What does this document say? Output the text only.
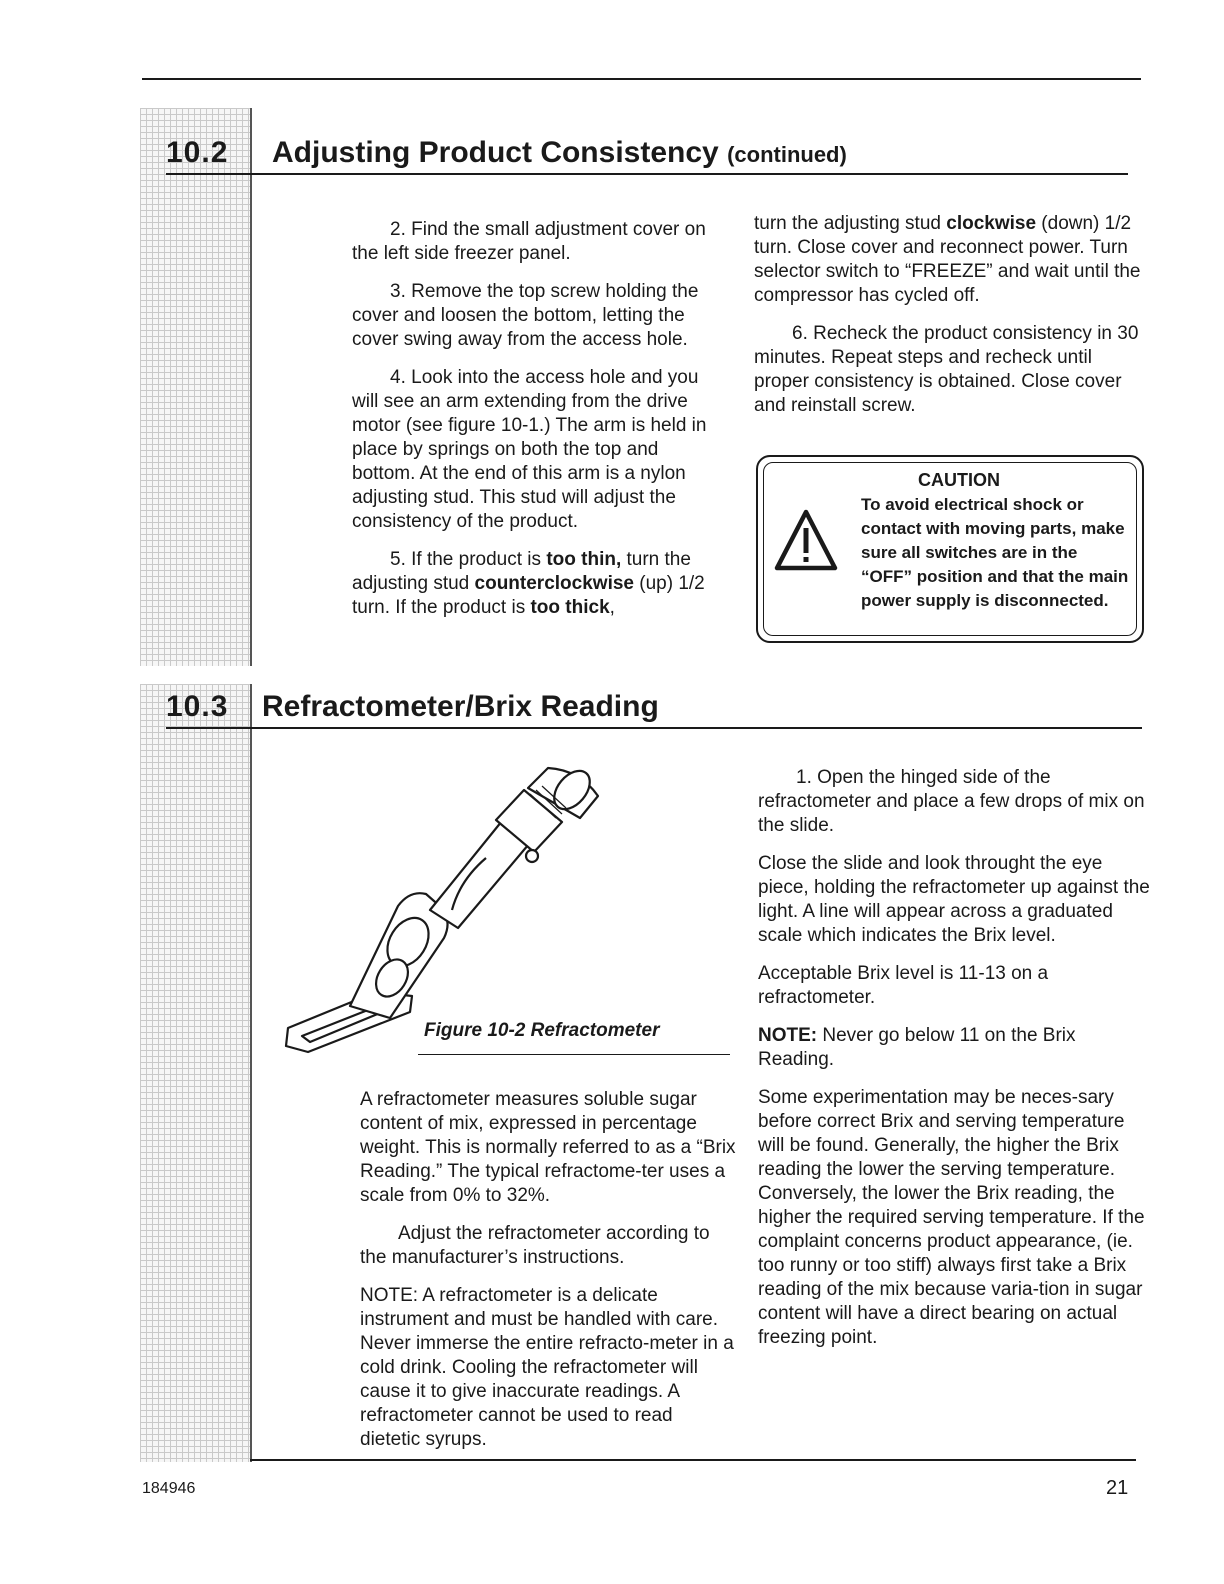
10.2 Adjusting Product Consistency (continued)

2. Find the small adjustment cover on the left side freezer panel.

3. Remove the top screw holding the cover and loosen the bottom, letting the cover swing away from the access hole.

4. Look into the access hole and you will see an arm extending from the drive motor (see figure 10-1.) The arm is held in place by springs on both the top and bottom. At the end of this arm is a nylon adjusting stud. This stud will adjust the consistency of the product.

5. If the product is too thin, turn the adjusting stud counterclockwise (up) 1/2 turn. If the product is too thick,

turn the adjusting stud clockwise (down) 1/2 turn. Close cover and reconnect power. Turn selector switch to “FREEZE” and wait until the compressor has cycled off.

6. Recheck the product consistency in 30 minutes. Repeat steps and recheck until proper consistency is obtained. Close cover and reinstall screw.

CAUTION
To avoid electrical shock or contact with moving parts, make sure all switches are in the “OFF” position and that the main power supply is disconnected.
10.3 Refractometer/Brix Reading
Figure 10-2 Refractometer

A refractometer measures soluble sugar content of mix, expressed in percentage weight. This is normally referred to as a “Brix Reading.” The typical refractome-ter uses a scale from 0% to 32%.

Adjust the refractometer according to the manufacturer’s instructions.

NOTE: A refractometer is a delicate instrument and must be handled with care. Never immerse the entire refracto-meter in a cold drink. Cooling the refractometer will cause it to give inaccurate readings. A refractometer cannot be used to read dietetic syrups.

1. Open the hinged side of the refractometer and place a few drops of mix on the slide.

Close the slide and look throught the eye piece, holding the refractometer up against the light. A line will appear across a graduated scale which indicates the Brix level.

Acceptable Brix level is 11-13 on a refractometer.

NOTE: Never go below 11 on the Brix Reading.

Some experimentation may be neces-sary before correct Brix and serving temperature will be found. Generally, the higher the Brix reading the lower the serving temperature. Conversely, the lower the Brix reading, the higher the required serving temperature. If the complaint concerns product appearance, (ie. too runny or too stiff) always first take a Brix reading of the mix because varia-tion in sugar content will have a direct bearing on actual freezing point.

184946	21
